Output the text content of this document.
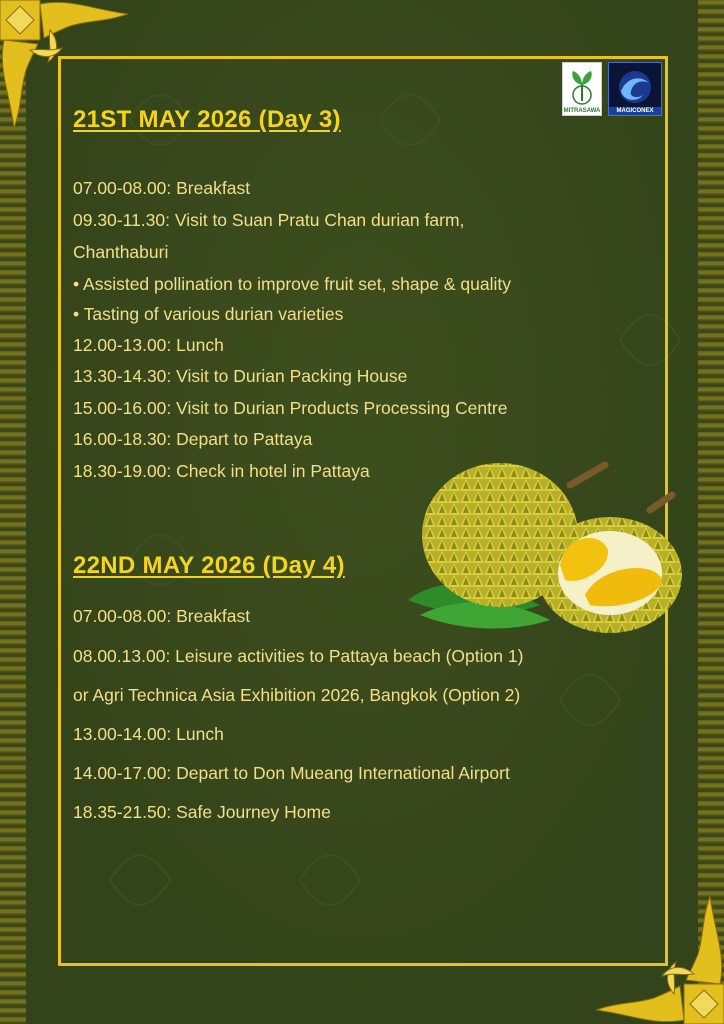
MITRASAWA	MAGICONEX
21ST MAY 2026 (Day 3)
07.00-08.00: Breakfast
09.30-11.30: Visit to Suan Pratu Chan durian farm,
Chanthaburi
• Assisted pollination to improve fruit set, shape & quality
• Tasting of various durian varieties
12.00-13.00: Lunch
13.30-14.30: Visit to Durian Packing House
15.00-16.00: Visit to Durian Products Processing Centre
16.00-18.30: Depart to Pattaya
18.30-19.00: Check in hotel in Pattaya
22ND MAY 2026 (Day 4)
07.00-08.00: Breakfast
08.00.13.00: Leisure activities to Pattaya beach (Option 1)
or Agri Technica Asia Exhibition 2026, Bangkok (Option 2)
13.00-14.00: Lunch
14.00-17.00: Depart to Don Mueang International Airport
18.35-21.50: Safe Journey Home
